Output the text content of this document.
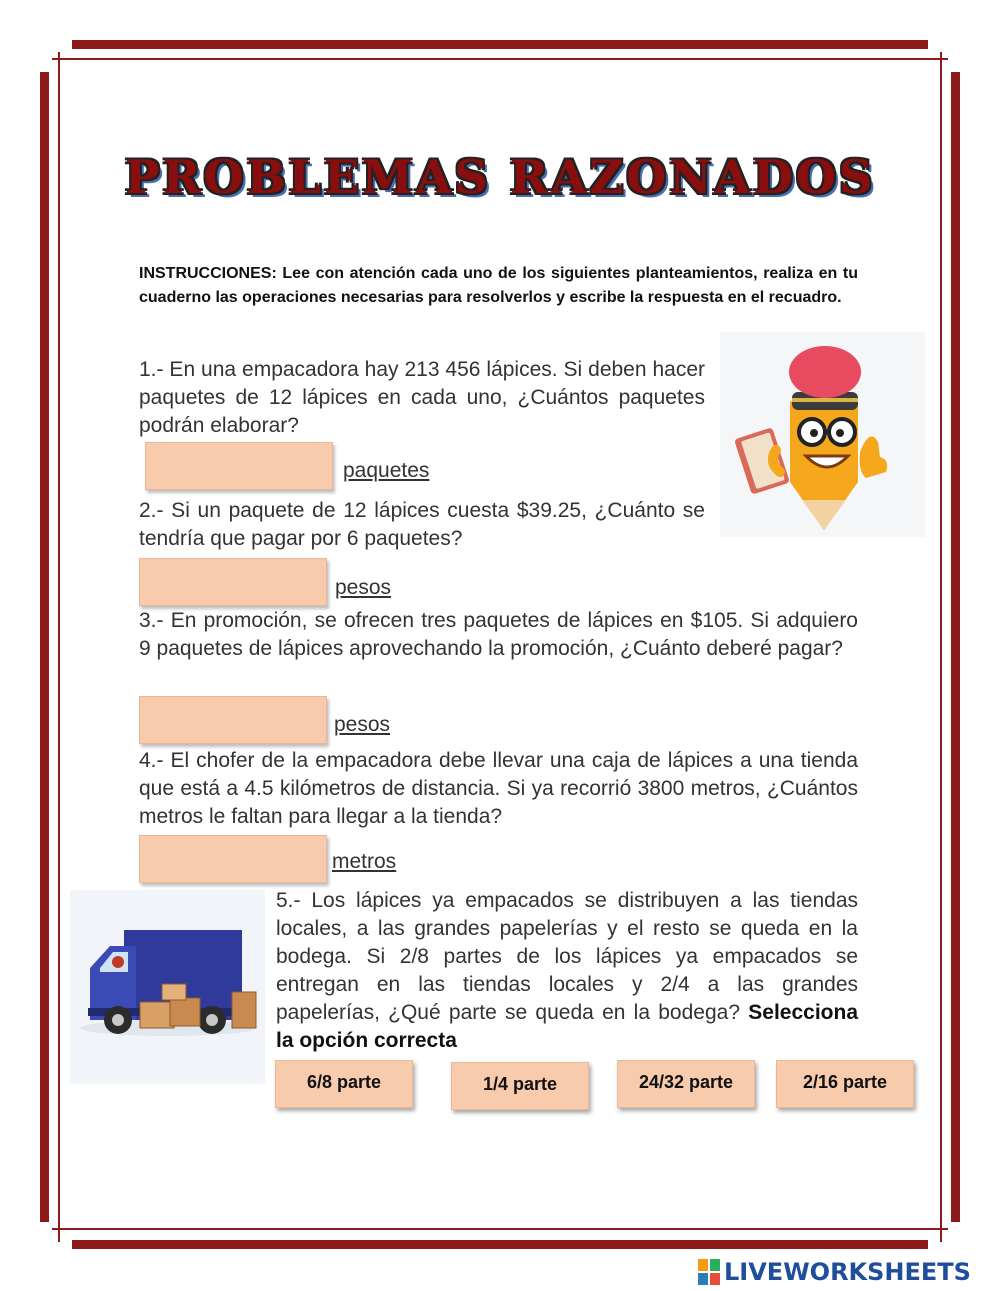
PROBLEMAS RAZONADOS
INSTRUCCIONES: Lee con atención cada uno de los siguientes planteamientos, realiza en tu cuaderno las operaciones necesarias para resolverlos y escribe la respuesta en el recuadro.
1.- En una empacadora hay 213 456 lápices. Si deben hacer paquetes de 12 lápices en cada uno, ¿Cuántos paquetes podrán elaborar?
paquetes
2.- Si un paquete de 12 lápices cuesta $39.25, ¿Cuánto se tendría que pagar por 6 paquetes?
pesos
3.- En promoción, se ofrecen tres paquetes de lápices en $105. Si adquiero 9 paquetes de lápices aprovechando la promoción, ¿Cuánto deberé pagar?
pesos
4.- El chofer de la empacadora debe llevar una caja de lápices a una tienda que está a 4.5 kilómetros de distancia. Si ya recorrió 3800 metros, ¿Cuántos metros le faltan para llegar a la tienda?
metros
5.- Los lápices ya empacados se distribuyen a las tiendas locales, a las grandes papelerías y el resto se queda en la bodega. Si 2/8 partes de los lápices ya empacados se entregan en las tiendas locales y 2/4 a las grandes papelerías, ¿Qué parte se queda en la bodega? Selecciona la opción correcta
6/8 parte	1/4 parte	24/32 parte	2/16 parte
LIVEWORKSHEETS
